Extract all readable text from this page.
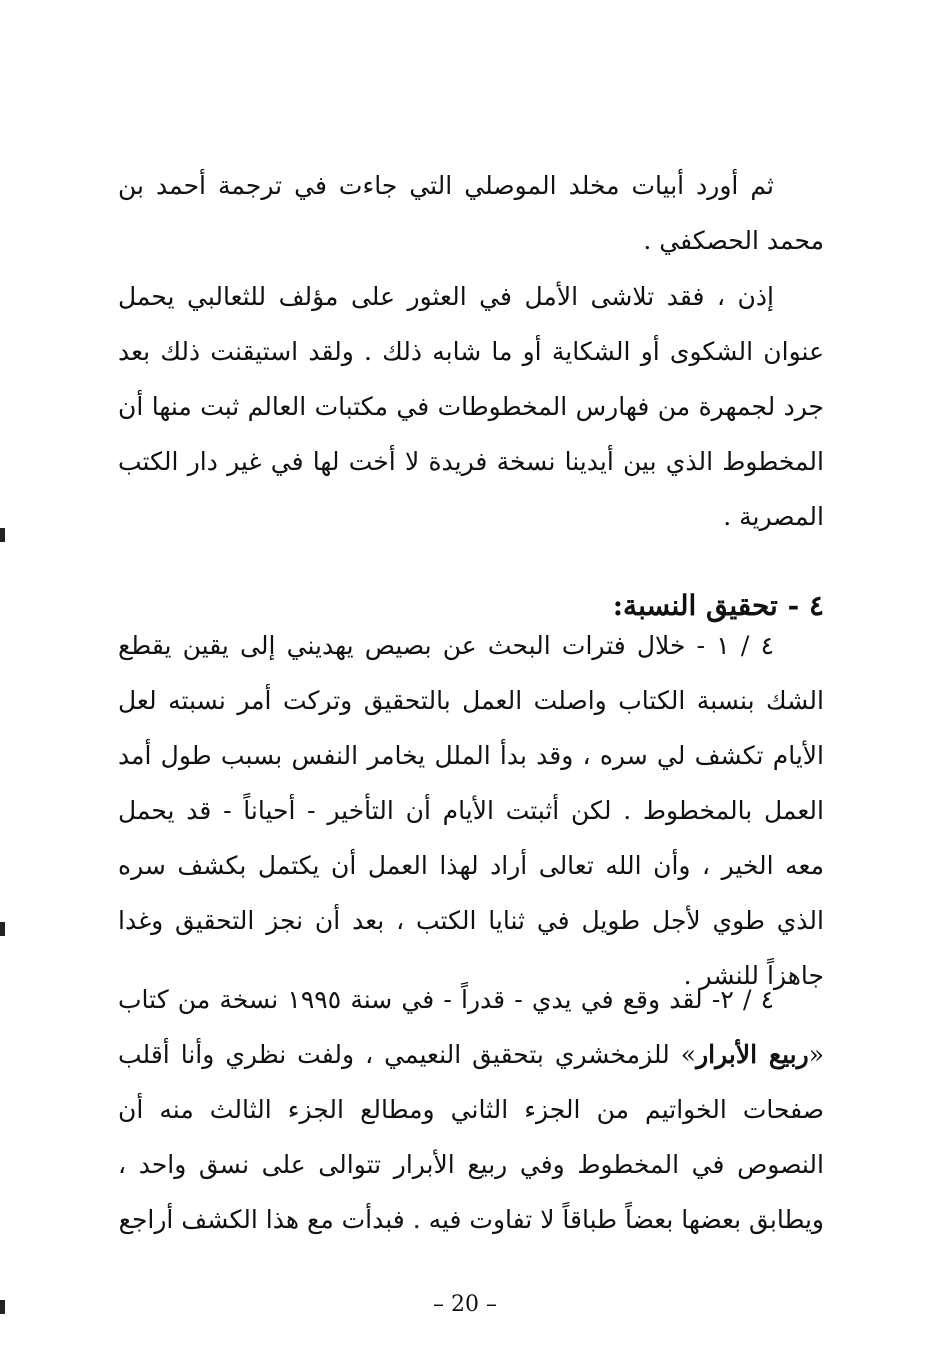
ثم أورد أبيات مخلد الموصلي التي جاءت في ترجمة أحمد بن محمد الحصكفي .

إذن ، فقد تلاشى الأمل في العثور على مؤلف للثعالبي يحمل عنوان الشكوى أو الشكاية أو ما شابه ذلك . ولقد استيقنت ذلك بعد جرد لجمهرة من فهارس المخطوطات في مكتبات العالم ثبت منها أن المخطوط الذي بين أيدينا نسخة فريدة لا أخت لها في غير دار الكتب المصرية .

٤ - تحقيق النسبة:

٤ / ١ - خلال فترات البحث عن بصيص يهديني إلى يقين يقطع الشك بنسبة الكتاب واصلت العمل بالتحقيق وتركت أمر نسبته لعل الأيام تكشف لي سره ، وقد بدأ الملل يخامر النفس بسبب طول أمد العمل بالمخطوط . لكن أثبتت الأيام أن التأخير - أحياناً - قد يحمل معه الخير ، وأن الله تعالى أراد لهذا العمل أن يكتمل بكشف سره الذي طوي لأجل طويل في ثنايا الكتب ، بعد أن نجز التحقيق وغدا جاهزاً للنشر .

٤ / ٢- لقد وقع في يدي - قدراً - في سنة ١٩٩٥ نسخة من كتاب «ربيع الأبرار» للزمخشري بتحقيق النعيمي ، ولفت نظري وأنا أقلب صفحات الخواتيم من الجزء الثاني ومطالع الجزء الثالث منه أن النصوص في المخطوط وفي ربيع الأبرار تتوالى على نسق واحد ، ويطابق بعضها بعضاً طباقاً لا تفاوت فيه . فبدأت مع هذا الكشف أراجع

– 20 –
